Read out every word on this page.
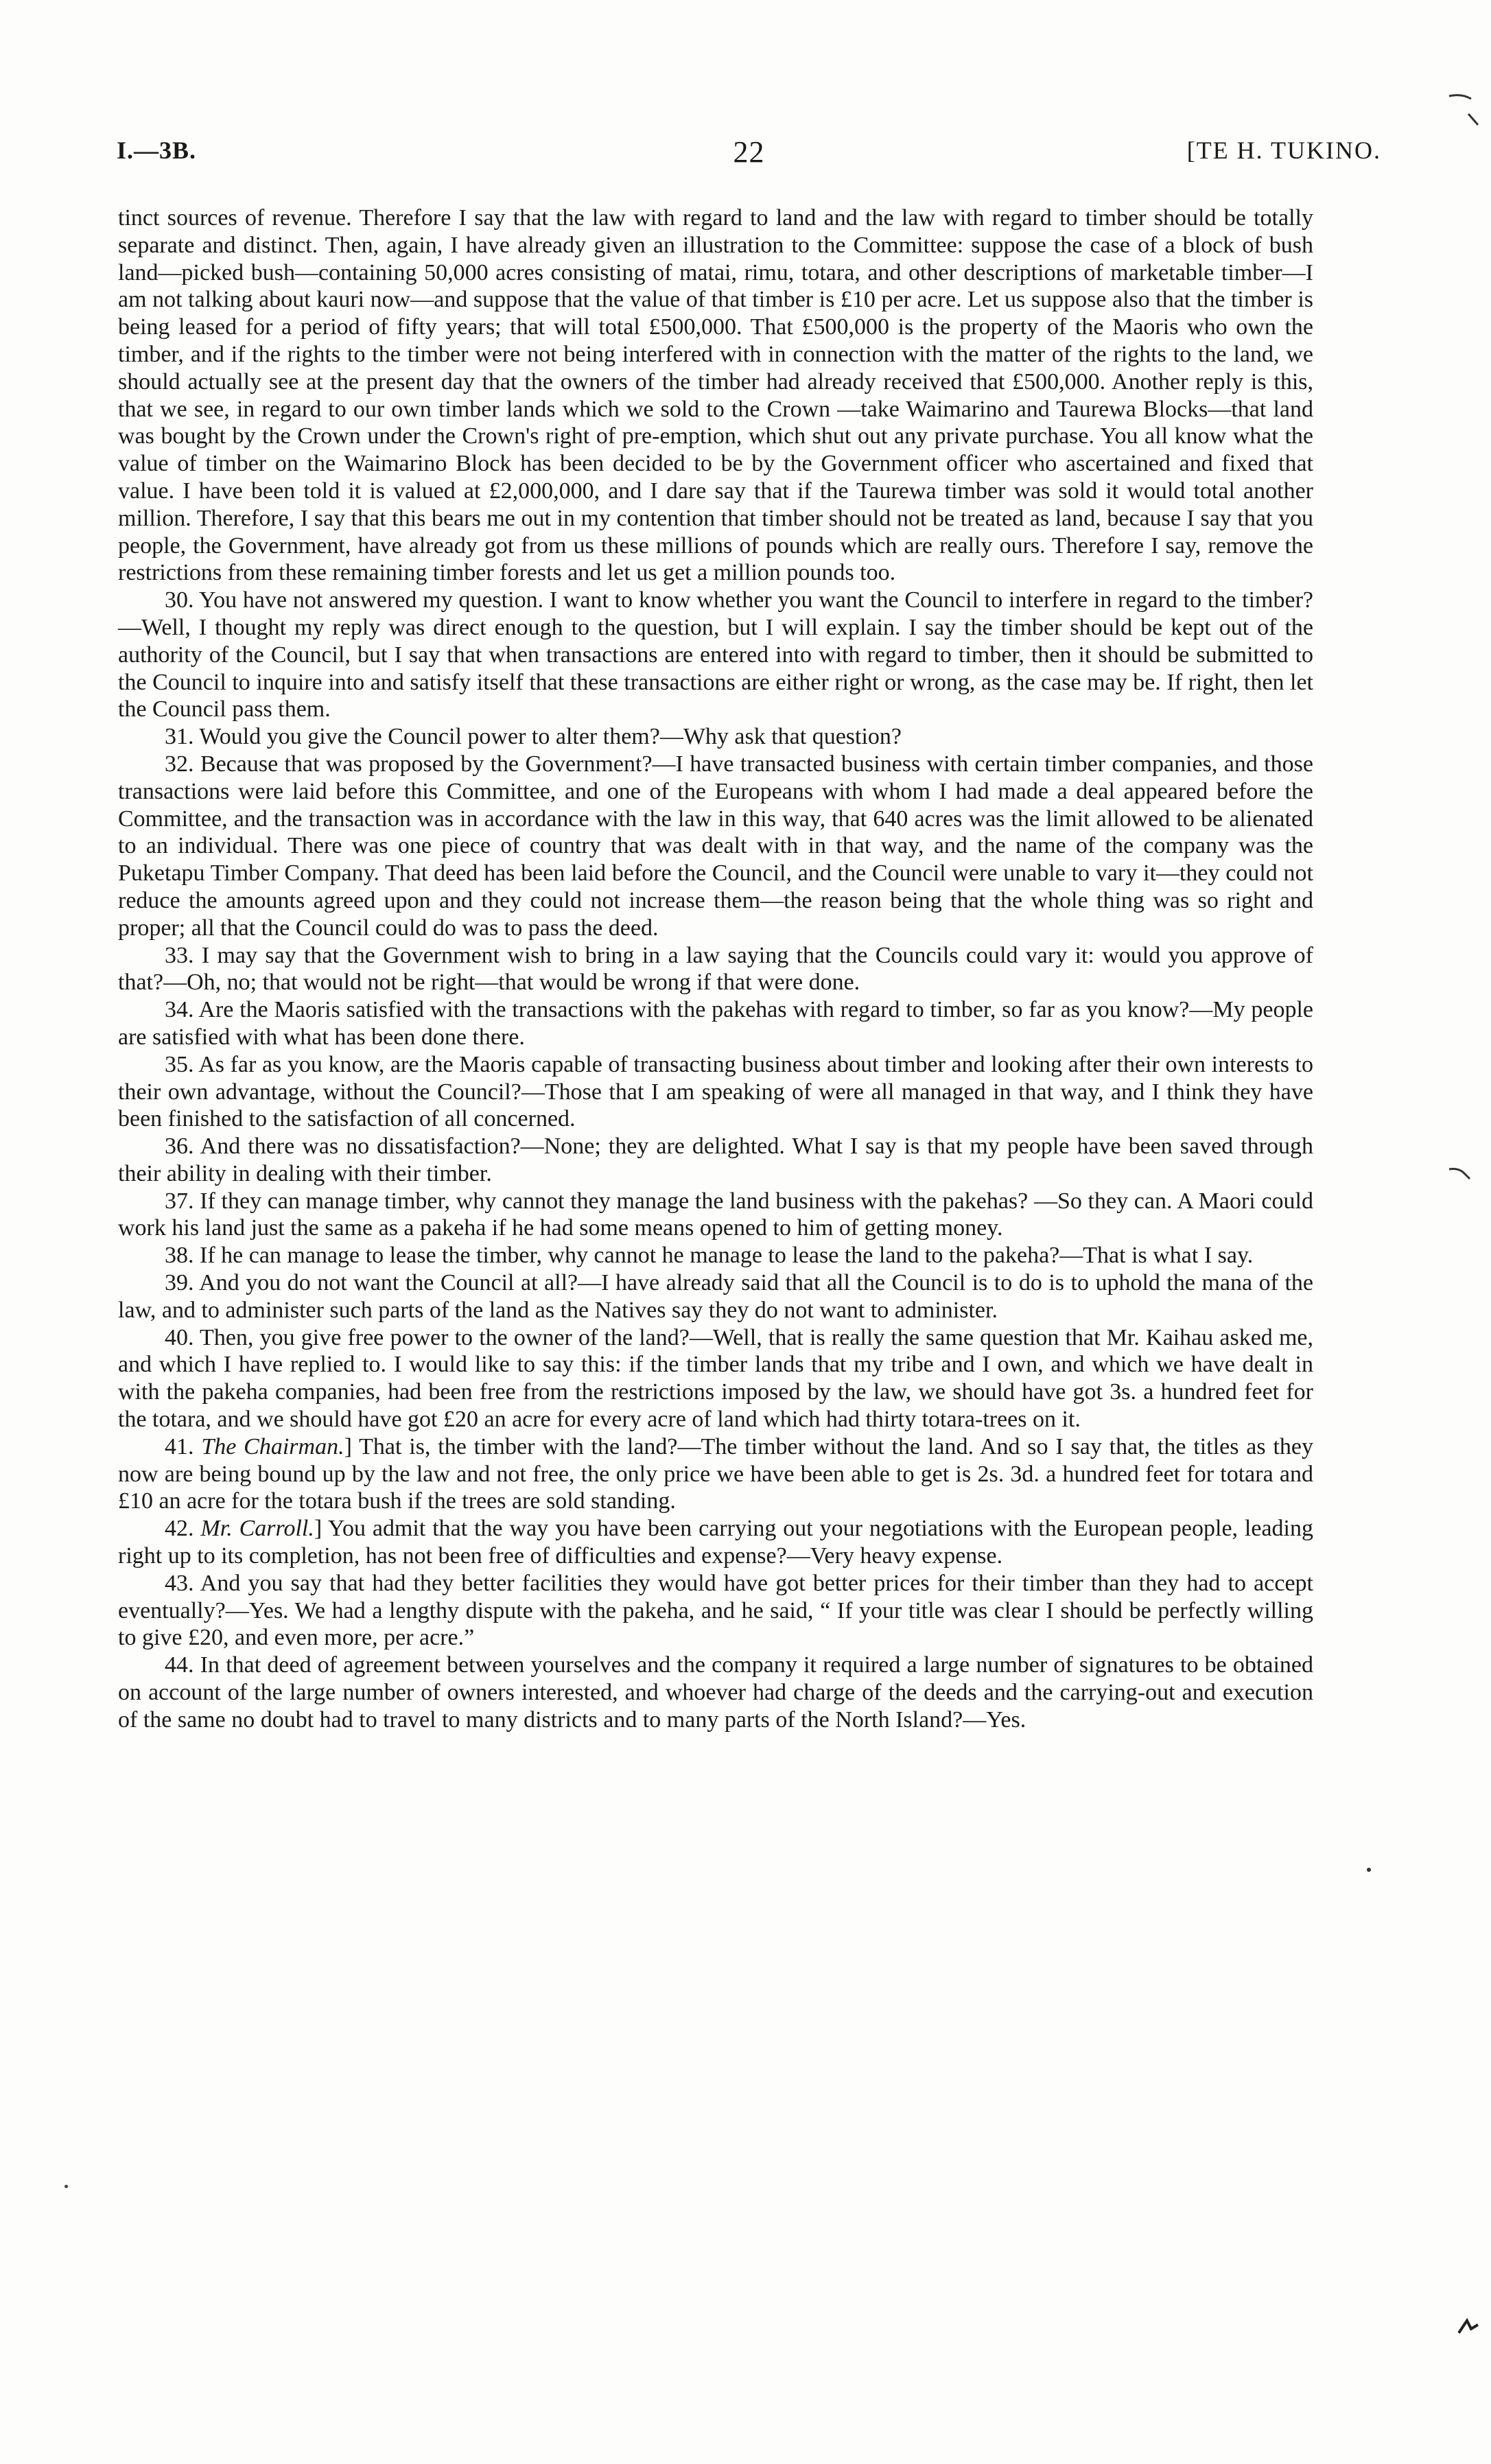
I.—3B.	22	[TE H. TUKINO.

tinct sources of revenue. Therefore I say that the law with regard to land and the law with regard to timber should be totally separate and distinct. Then, again, I have already given an illustration to the Committee: suppose the case of a block of bush land—picked bush—containing 50,000 acres consisting of matai, rimu, totara, and other descriptions of marketable timber—I am not talking about kauri now—and suppose that the value of that timber is £10 per acre. Let us suppose also that the timber is being leased for a period of fifty years; that will total £500,000. That £500,000 is the property of the Maoris who own the timber, and if the rights to the timber were not being interfered with in connection with the matter of the rights to the land, we should actually see at the present day that the owners of the timber had already received that £500,000. Another reply is this, that we see, in regard to our own timber lands which we sold to the Crown —take Waimarino and Taurewa Blocks—that land was bought by the Crown under the Crown's right of pre-emption, which shut out any private purchase. You all know what the value of timber on the Waimarino Block has been decided to be by the Government officer who ascertained and fixed that value. I have been told it is valued at £2,000,000, and I dare say that if the Taurewa timber was sold it would total another million. Therefore, I say that this bears me out in my contention that timber should not be treated as land, because I say that you people, the Government, have already got from us these millions of pounds which are really ours. Therefore I say, remove the restrictions from these remaining timber forests and let us get a million pounds too.

30. You have not answered my question. I want to know whether you want the Council to interfere in regard to the timber?—Well, I thought my reply was direct enough to the question, but I will explain. I say the timber should be kept out of the authority of the Council, but I say that when transactions are entered into with regard to timber, then it should be submitted to the Council to inquire into and satisfy itself that these transactions are either right or wrong, as the case may be. If right, then let the Council pass them.

31. Would you give the Council power to alter them?—Why ask that question?

32. Because that was proposed by the Government?—I have transacted business with certain timber companies, and those transactions were laid before this Committee, and one of the Europeans with whom I had made a deal appeared before the Committee, and the transaction was in accordance with the law in this way, that 640 acres was the limit allowed to be alienated to an individual. There was one piece of country that was dealt with in that way, and the name of the company was the Puketapu Timber Company. That deed has been laid before the Council, and the Council were unable to vary it—they could not reduce the amounts agreed upon and they could not increase them—the reason being that the whole thing was so right and proper; all that the Council could do was to pass the deed.

33. I may say that the Government wish to bring in a law saying that the Councils could vary it: would you approve of that?—Oh, no; that would not be right—that would be wrong if that were done.

34. Are the Maoris satisfied with the transactions with the pakehas with regard to timber, so far as you know?—My people are satisfied with what has been done there.

35. As far as you know, are the Maoris capable of transacting business about timber and looking after their own interests to their own advantage, without the Council?—Those that I am speaking of were all managed in that way, and I think they have been finished to the satisfaction of all concerned.

36. And there was no dissatisfaction?—None; they are delighted. What I say is that my people have been saved through their ability in dealing with their timber.

37. If they can manage timber, why cannot they manage the land business with the pakehas? —So they can. A Maori could work his land just the same as a pakeha if he had some means opened to him of getting money.

38. If he can manage to lease the timber, why cannot he manage to lease the land to the pakeha?—That is what I say.

39. And you do not want the Council at all?—I have already said that all the Council is to do is to uphold the mana of the law, and to administer such parts of the land as the Natives say they do not want to administer.

40. Then, you give free power to the owner of the land?—Well, that is really the same question that Mr. Kaihau asked me, and which I have replied to. I would like to say this: if the timber lands that my tribe and I own, and which we have dealt in with the pakeha companies, had been free from the restrictions imposed by the law, we should have got 3s. a hundred feet for the totara, and we should have got £20 an acre for every acre of land which had thirty totara-trees on it.

41. The Chairman.] That is, the timber with the land?—The timber without the land. And so I say that, the titles as they now are being bound up by the law and not free, the only price we have been able to get is 2s. 3d. a hundred feet for totara and £10 an acre for the totara bush if the trees are sold standing.

42. Mr. Carroll.] You admit that the way you have been carrying out your negotiations with the European people, leading right up to its completion, has not been free of difficulties and expense?—Very heavy expense.

43. And you say that had they better facilities they would have got better prices for their timber than they had to accept eventually?—Yes. We had a lengthy dispute with the pakeha, and he said, “ If your title was clear I should be perfectly willing to give £20, and even more, per acre.”

44. In that deed of agreement between yourselves and the company it required a large number of signatures to be obtained on account of the large number of owners interested, and whoever had charge of the deeds and the carrying-out and execution of the same no doubt had to travel to many districts and to many parts of the North Island?—Yes.
